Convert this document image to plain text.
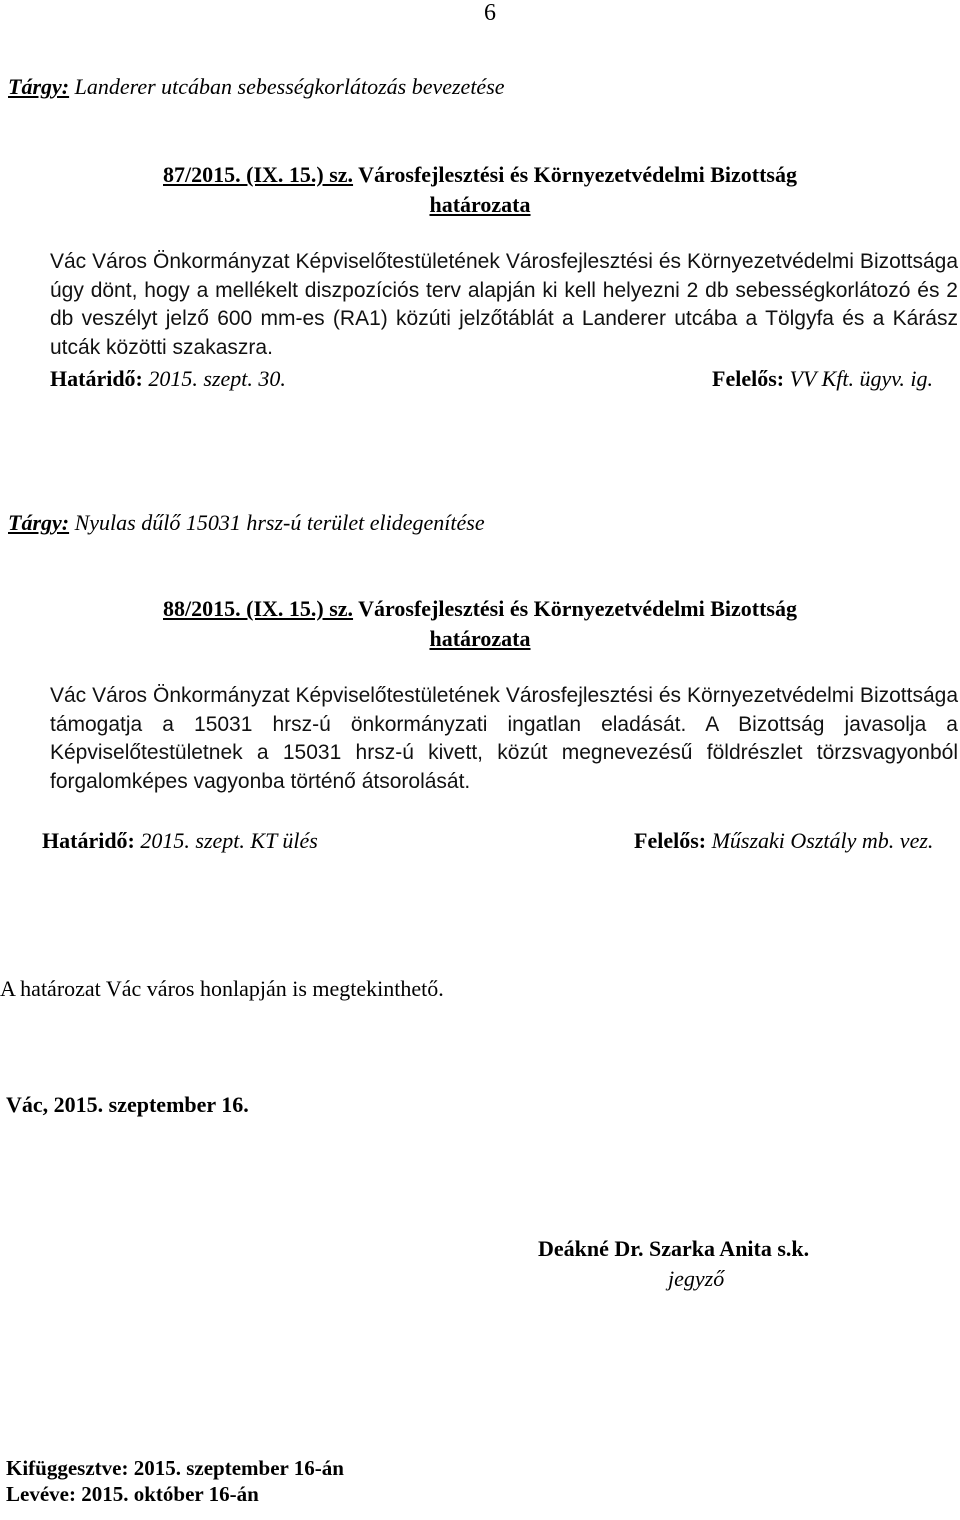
6
Tárgy: Landerer utcában sebességkorlátozás bevezetése
87/2015. (IX. 15.) sz. Városfejlesztési és Környezetvédelmi Bizottság
határozata
Vác Város Önkormányzat Képviselőtestületének Városfejlesztési és Környezetvédelmi Bizottsága úgy dönt, hogy a mellékelt diszpozíciós terv alapján ki kell helyezni 2 db sebességkorlátozó és 2 db veszélyt jelző 600 mm-es (RA1) közúti jelzőtáblát a Landerer utcába a Tölgyfa és a Kárász utcák közötti szakaszra.
Határidő: 2015. szept. 30.	Felelős: VV Kft. ügyv. ig.
Tárgy: Nyulas dűlő 15031 hrsz-ú terület elidegenítése
88/2015. (IX. 15.) sz. Városfejlesztési és Környezetvédelmi Bizottság
határozata
Vác Város Önkormányzat Képviselőtestületének Városfejlesztési és Környezetvédelmi Bizottsága támogatja a 15031 hrsz-ú önkormányzati ingatlan eladását. A Bizottság javasolja a Képviselőtestületnek a 15031 hrsz-ú kivett, közút megnevezésű földrészlet törzsvagyonból forgalomképes vagyonba történő átsorolását.
Határidő: 2015. szept. KT ülés	Felelős: Műszaki Osztály mb. vez.
A határozat Vác város honlapján is megtekinthető.
Vác, 2015. szeptember 16.
Deákné Dr. Szarka Anita s.k.
jegyző
Kifüggesztve: 2015. szeptember 16-án
Levéve: 2015. október 16-án
